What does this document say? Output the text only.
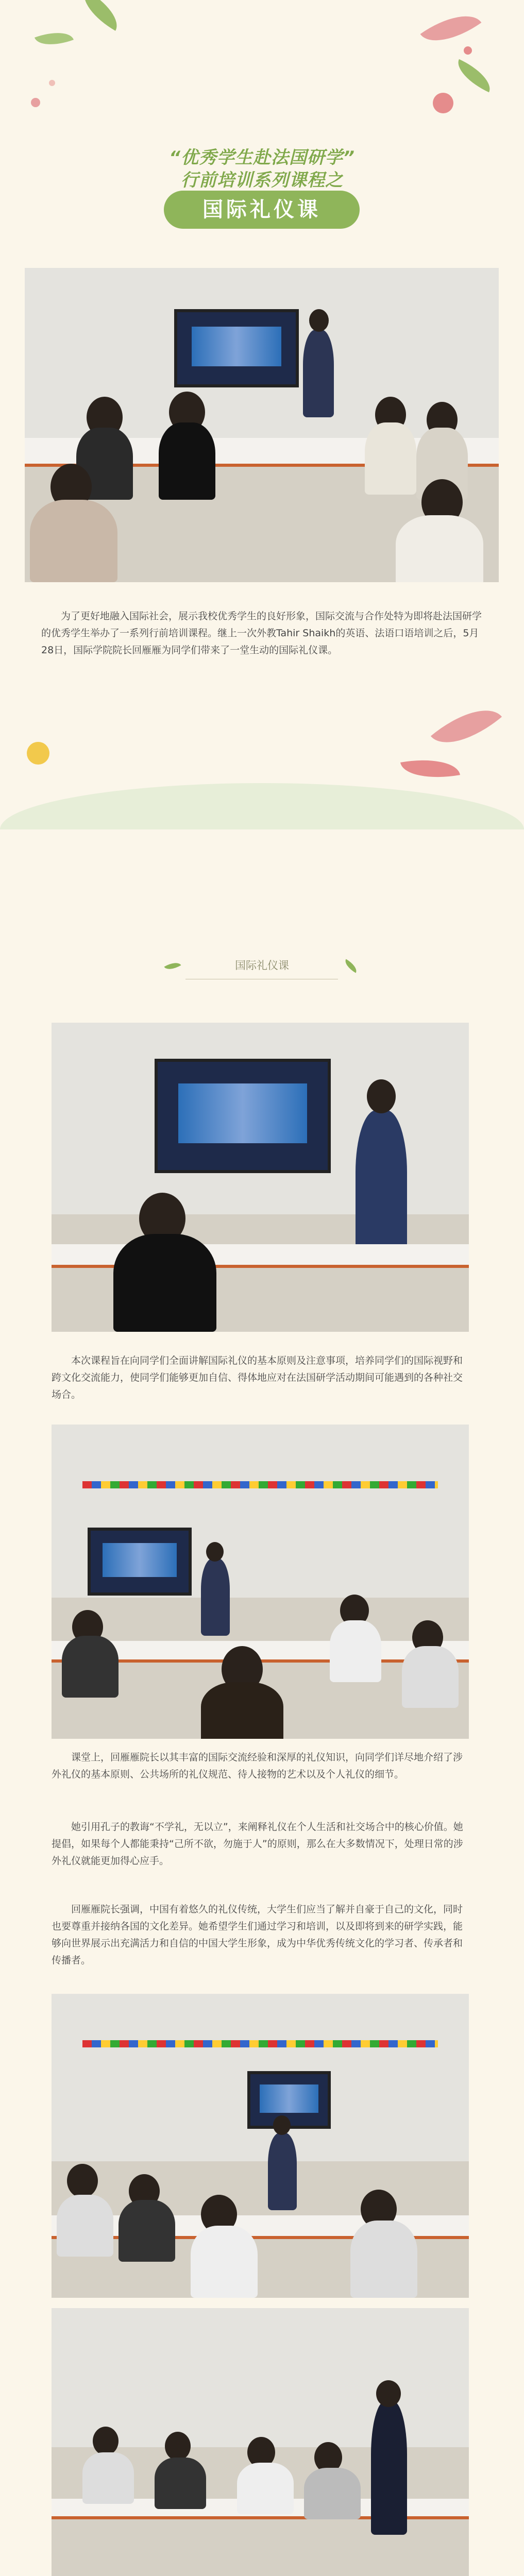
“优秀学生赴法国研学”
行前培训系列课程之
国际礼仪课

为了更好地融入国际社会，展示我校优秀学生的良好形象，国际交流与合作处特为即将赴法国研学的优秀学生举办了一系列行前培训课程。继上一次外教Tahir Shaikh的英语、法语口语培训之后，5月28日，国际学院院长回雁雁为同学们带来了一堂生动的国际礼仪课。

国际礼仪课

本次课程旨在向同学们全面讲解国际礼仪的基本原则及注意事项，培养同学们的国际视野和跨文化交流能力，使同学们能够更加自信、得体地应对在法国研学活动期间可能遇到的各种社交场合。

课堂上，回雁雁院长以其丰富的国际交流经验和深厚的礼仪知识，向同学们详尽地介绍了涉外礼仪的基本原则、公共场所的礼仪规范、待人接物的艺术以及个人礼仪的细节。

她引用孔子的教诲“不学礼，无以立”，来阐释礼仪在个人生活和社交场合中的核心价值。她提倡，如果每个人都能秉持“己所不欲，勿施于人”的原则，那么在大多数情况下，处理日常的涉外礼仪就能更加得心应手。

回雁雁院长强调，中国有着悠久的礼仪传统，大学生们应当了解并自豪于自己的文化，同时也要尊重并接纳各国的文化差异。她希望学生们通过学习和培训，以及即将到来的研学实践，能够向世界展示出充满活力和自信的中国大学生形象，成为中华优秀传统文化的学习者、传承者和传播者。
